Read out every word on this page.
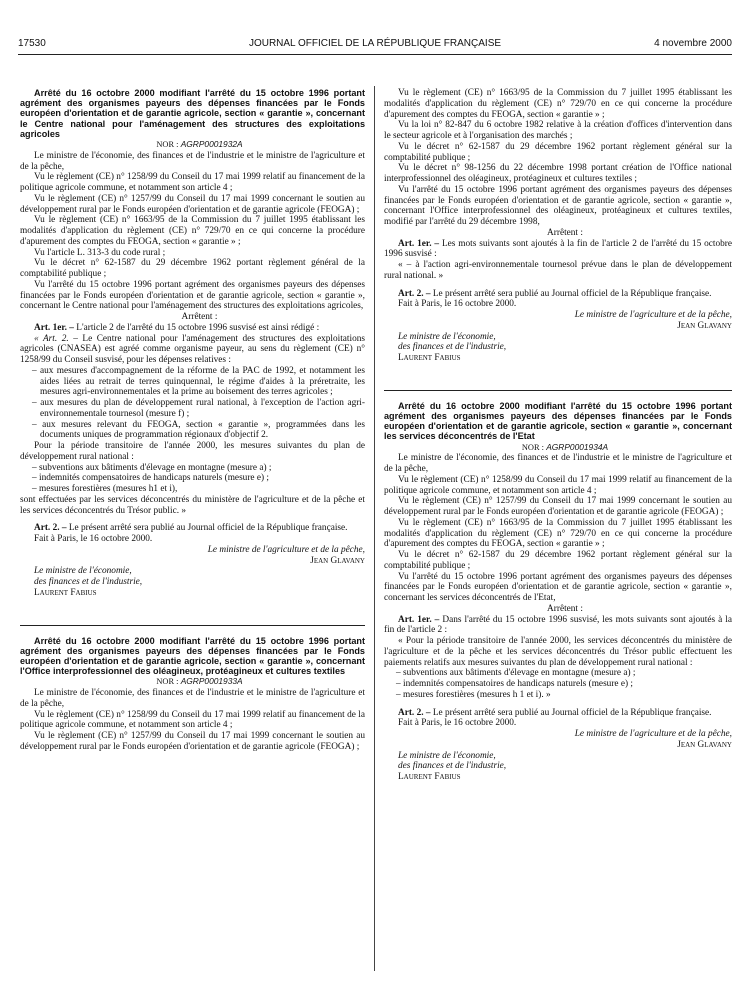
17530	JOURNAL OFFICIEL DE LA RÉPUBLIQUE FRANÇAISE	4 novembre 2000

Arrêté du 16 octobre 2000 modifiant l'arrêté du 15 octobre 1996 portant agrément des organismes payeurs des dépenses financées par le Fonds européen d'orientation et de garantie agricole, section « garantie », concernant le Centre national pour l'aménagement des structures des exploitations agricoles

NOR : AGRP0001932A

Le ministre de l'économie, des finances et de l'industrie et le ministre de l'agriculture et de la pêche,

Vu le règlement (CE) n° 1258/99 du Conseil du 17 mai 1999 relatif au financement de la politique agricole commune, et notamment son article 4 ;

Vu le règlement (CE) n° 1257/99 du Conseil du 17 mai 1999 concernant le soutien au développement rural par le Fonds européen d'orientation et de garantie agricole (FEOGA) ;

Vu le règlement (CE) n° 1663/95 de la Commission du 7 juillet 1995 établissant les modalités d'application du règlement (CE) n° 729/70 en ce qui concerne la procédure d'apurement des comptes du FEOGA, section « garantie » ;

Vu l'article L. 313-3 du code rural ;

Vu le décret n° 62-1587 du 29 décembre 1962 portant règlement général de la comptabilité publique ;

Vu l'arrêté du 15 octobre 1996 portant agrément des organismes payeurs des dépenses financées par le Fonds européen d'orientation et de garantie agricole, section « garantie », concernant le Centre national pour l'aménagement des structures des exploitations agricoles,

Arrêtent :

Art. 1er. – L'article 2 de l'arrêté du 15 octobre 1996 susvisé est ainsi rédigé :

« Art. 2. – Le Centre national pour l'aménagement des structures des exploitations agricoles (CNASEA) est agréé comme organisme payeur, au sens du règlement (CE) n° 1258/99 du Conseil susvisé, pour les dépenses relatives :

– aux mesures d'accompagnement de la réforme de la PAC de 1992, et notamment les aides liées au retrait de terres quinquennal, le régime d'aides à la préretraite, les mesures agri-environnementales et la prime au boisement des terres agricoles ;
– aux mesures du plan de développement rural national, à l'exception de l'action agri-environnementale tournesol (mesure f) ;
– aux mesures relevant du FEOGA, section « garantie », programmées dans les documents uniques de programmation régionaux d'objectif 2.

Pour la période transitoire de l'année 2000, les mesures suivantes du plan de développement rural national :

– subventions aux bâtiments d'élevage en montagne (mesure a) ;
– indemnités compensatoires de handicaps naturels (mesure e) ;
– mesures forestières (mesures h1 et i),

sont effectuées par les services déconcentrés du ministère de l'agriculture et de la pêche et les services déconcentrés du Trésor public. »

Art. 2. – Le présent arrêté sera publié au Journal officiel de la République française.

Fait à Paris, le 16 octobre 2000.

Le ministre de l'agriculture et de la pêche,

Jean Glavany

Le ministre de l'économie,

des finances et de l'industrie,

Laurent Fabius

Arrêté du 16 octobre 2000 modifiant l'arrêté du 15 octobre 1996 portant agrément des organismes payeurs des dépenses financées par le Fonds européen d'orientation et de garantie agricole, section « garantie », concernant l'Office interprofessionnel des oléagineux, protéagineux et cultures textiles

NOR : AGRP0001933A

Le ministre de l'économie, des finances et de l'industrie et le ministre de l'agriculture et de la pêche,

Vu le règlement (CE) n° 1258/99 du Conseil du 17 mai 1999 relatif au financement de la politique agricole commune, et notamment son article 4 ;

Vu le règlement (CE) n° 1257/99 du Conseil du 17 mai 1999 concernant le soutien au développement rural par le Fonds européen d'orientation et de garantie agricole (FEOGA) ;

Vu le règlement (CE) n° 1663/95 de la Commission du 7 juillet 1995 établissant les modalités d'application du règlement (CE) n° 729/70 en ce qui concerne la procédure d'apurement des comptes du FEOGA, section « garantie » ;

Vu la loi n° 82-847 du 6 octobre 1982 relative à la création d'offices d'intervention dans le secteur agricole et à l'organisation des marchés ;

Vu le décret n° 62-1587 du 29 décembre 1962 portant règlement général sur la comptabilité publique ;

Vu le décret n° 98-1256 du 22 décembre 1998 portant création de l'Office national interprofessionnel des oléagineux, protéagineux et cultures textiles ;

Vu l'arrêté du 15 octobre 1996 portant agrément des organismes payeurs des dépenses financées par le Fonds européen d'orientation et de garantie agricole, section « garantie », concernant l'Office interprofessionnel des oléagineux, protéagineux et cultures textiles, modifié par l'arrêté du 29 décembre 1998,

Arrêtent :

Art. 1er. – Les mots suivants sont ajoutés à la fin de l'article 2 de l'arrêté du 15 octobre 1996 susvisé :

« – à l'action agri-environnementale tournesol prévue dans le plan de développement rural national. »

Art. 2. – Le présent arrêté sera publié au Journal officiel de la République française.

Fait à Paris, le 16 octobre 2000.

Le ministre de l'agriculture et de la pêche,

Jean Glavany

Le ministre de l'économie,

des finances et de l'industrie,

Laurent Fabius

Arrêté du 16 octobre 2000 modifiant l'arrêté du 15 octobre 1996 portant agrément des organismes payeurs des dépenses financées par le Fonds européen d'orientation et de garantie agricole, section « garantie », concernant les services déconcentrés de l'Etat

NOR : AGRP0001934A

Le ministre de l'économie, des finances et de l'industrie et le ministre de l'agriculture et de la pêche,

Vu le règlement (CE) n° 1258/99 du Conseil du 17 mai 1999 relatif au financement de la politique agricole commune, et notamment son article 4 ;

Vu le règlement (CE) n° 1257/99 du Conseil du 17 mai 1999 concernant le soutien au développement rural par le Fonds européen d'orientation et de garantie agricole (FEOGA) ;

Vu le règlement (CE) n° 1663/95 de la Commission du 7 juillet 1995 établissant les modalités d'application du règlement (CE) n° 729/70 en ce qui concerne la procédure d'apurement des comptes du FEOGA, section « garantie » ;

Vu le décret n° 62-1587 du 29 décembre 1962 portant règlement général sur la comptabilité publique ;

Vu l'arrêté du 15 octobre 1996 portant agrément des organismes payeurs des dépenses financées par le Fonds européen d'orientation et de garantie agricole, section « garantie », concernant les services déconcentrés de l'Etat,

Arrêtent :

Art. 1er. – Dans l'arrêté du 15 octobre 1996 susvisé, les mots suivants sont ajoutés à la fin de l'article 2 :

« Pour la période transitoire de l'année 2000, les services déconcentrés du ministère de l'agriculture et de la pêche et les services déconcentrés du Trésor public effectuent les paiements relatifs aux mesures suivantes du plan de développement rural national :

– subventions aux bâtiments d'élevage en montagne (mesure a) ;
– indemnités compensatoires de handicaps naturels (mesure e) ;
– mesures forestières (mesures h 1 et i). »

Art. 2. – Le présent arrêté sera publié au Journal officiel de la République française.

Fait à Paris, le 16 octobre 2000.

Le ministre de l'agriculture et de la pêche,

Jean Glavany

Le ministre de l'économie,

des finances et de l'industrie,

Laurent Fabius
